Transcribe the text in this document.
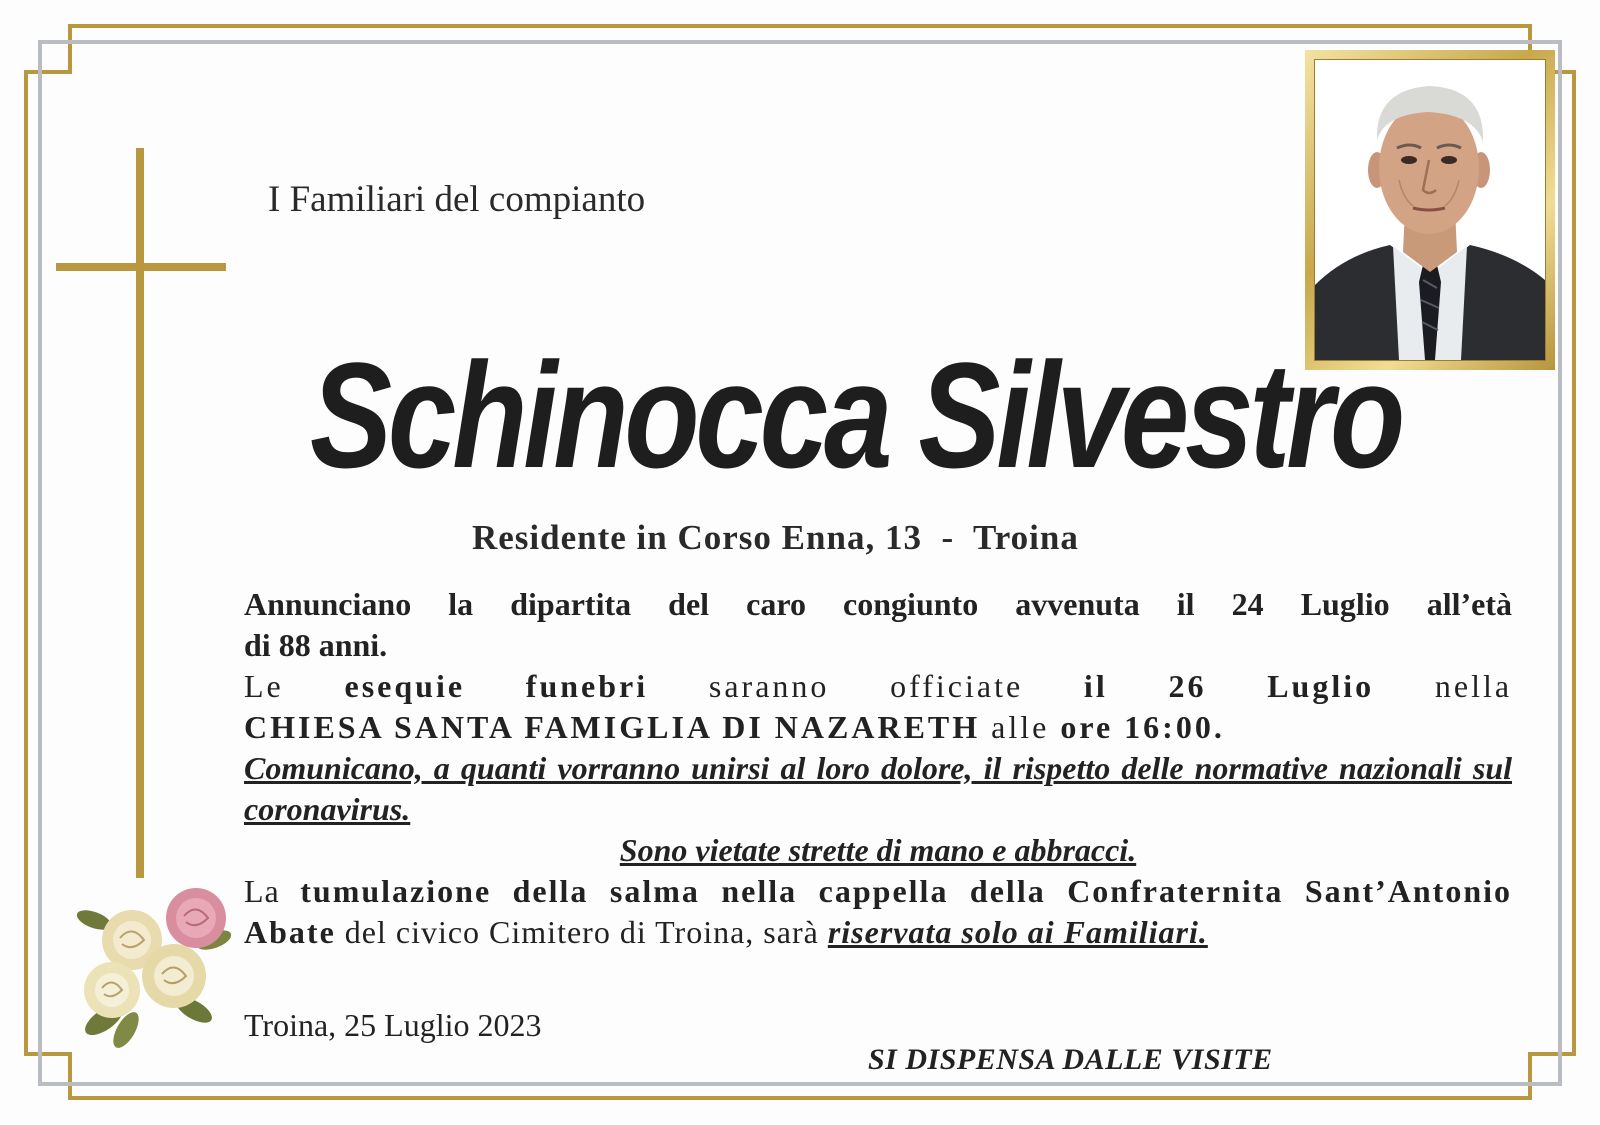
I Familiari del compianto
Schinocca Silvestro
Residente in Corso Enna, 13  -  Troina

Annunciano la dipartita del caro congiunto avvenuta il 24 Luglio all’età

di 88 anni.

Le esequie funebri saranno officiate il 26 Luglio nella

CHIESA SANTA FAMIGLIA DI NAZARETH alle ore 16:00.

Comunicano, a quanti vorranno unirsi al loro dolore, il rispetto delle normative nazionali sul coronavirus.

Sono vietate strette di mano e abbracci.

La tumulazione della salma nella cappella della Confraternita Sant’Antonio Abate del civico Cimitero di Troina, sarà riservata solo ai Familiari.

Troina, 25 Luglio 2023
SI DISPENSA DALLE VISITE
